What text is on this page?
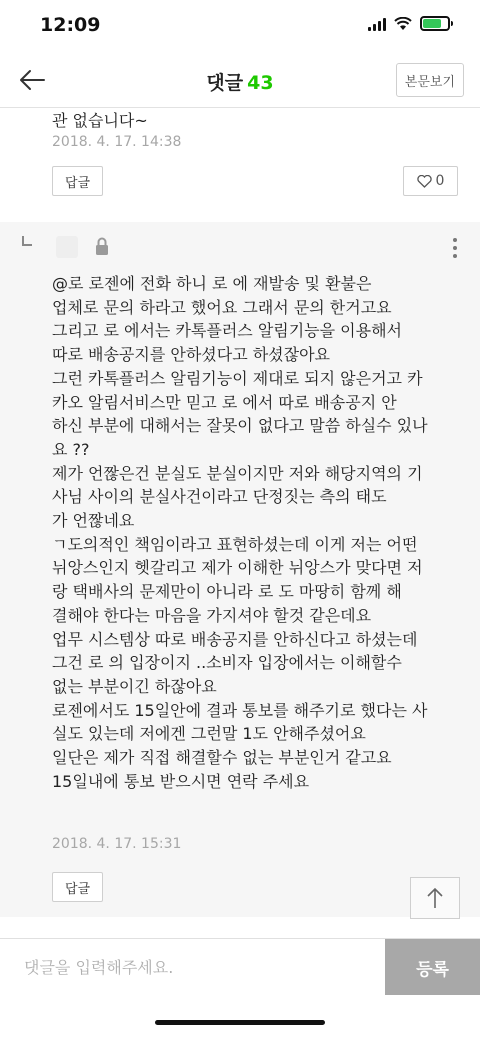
12:09
댓글 43	본문보기
관 없습니다~
2018. 4. 17. 14:38
답글	0

@로 로젠에 전화 하니 로 에 재발송 및 환불은

업체로 문의 하라고 했어요 그래서 문의 한거고요

그리고 로 에서는 카톡플러스 알림기능을 이용해서

따로 배송공지를 안하셨다고 하셨잖아요

그런 카톡플러스 알림기능이 제대로 되지 않은거고 카

카오 알림서비스만 믿고 로 에서 따로 배송공지 안

하신 부분에 대해서는 잘못이 없다고 말씀 하실수 있나

요 ??

제가 언짢은건 분실도 분실이지만 저와 해당지역의 기

사님 사이의 분실사건이라고 단정짓는 측의 태도

가 언짢네요

ㄱ도의적인 책임이라고 표현하셨는데 이게 저는 어떤

뉘앙스인지 헷갈리고 제가 이해한 뉘앙스가 맞다면 저

랑 택배사의 문제만이 아니라 로 도 마땅히 함께 해

결해야 한다는 마음을 가지셔야 할것 같은데요

업무 시스템상 따로 배송공지를 안하신다고 하셨는데

그건 로 의 입장이지 ..소비자 입장에서는 이해할수

없는 부분이긴 하잖아요

로젠에서도 15일안에 결과 통보를 해주기로 했다는 사

실도 있는데 저에겐 그런말 1도 안해주셨어요

일단은 제가 직접 해결할수 없는 부분인거 같고요

15일내에 통보 받으시면 연락 주세요

2018. 4. 17. 15:31
답글
댓글을 입력해주세요.
등록
